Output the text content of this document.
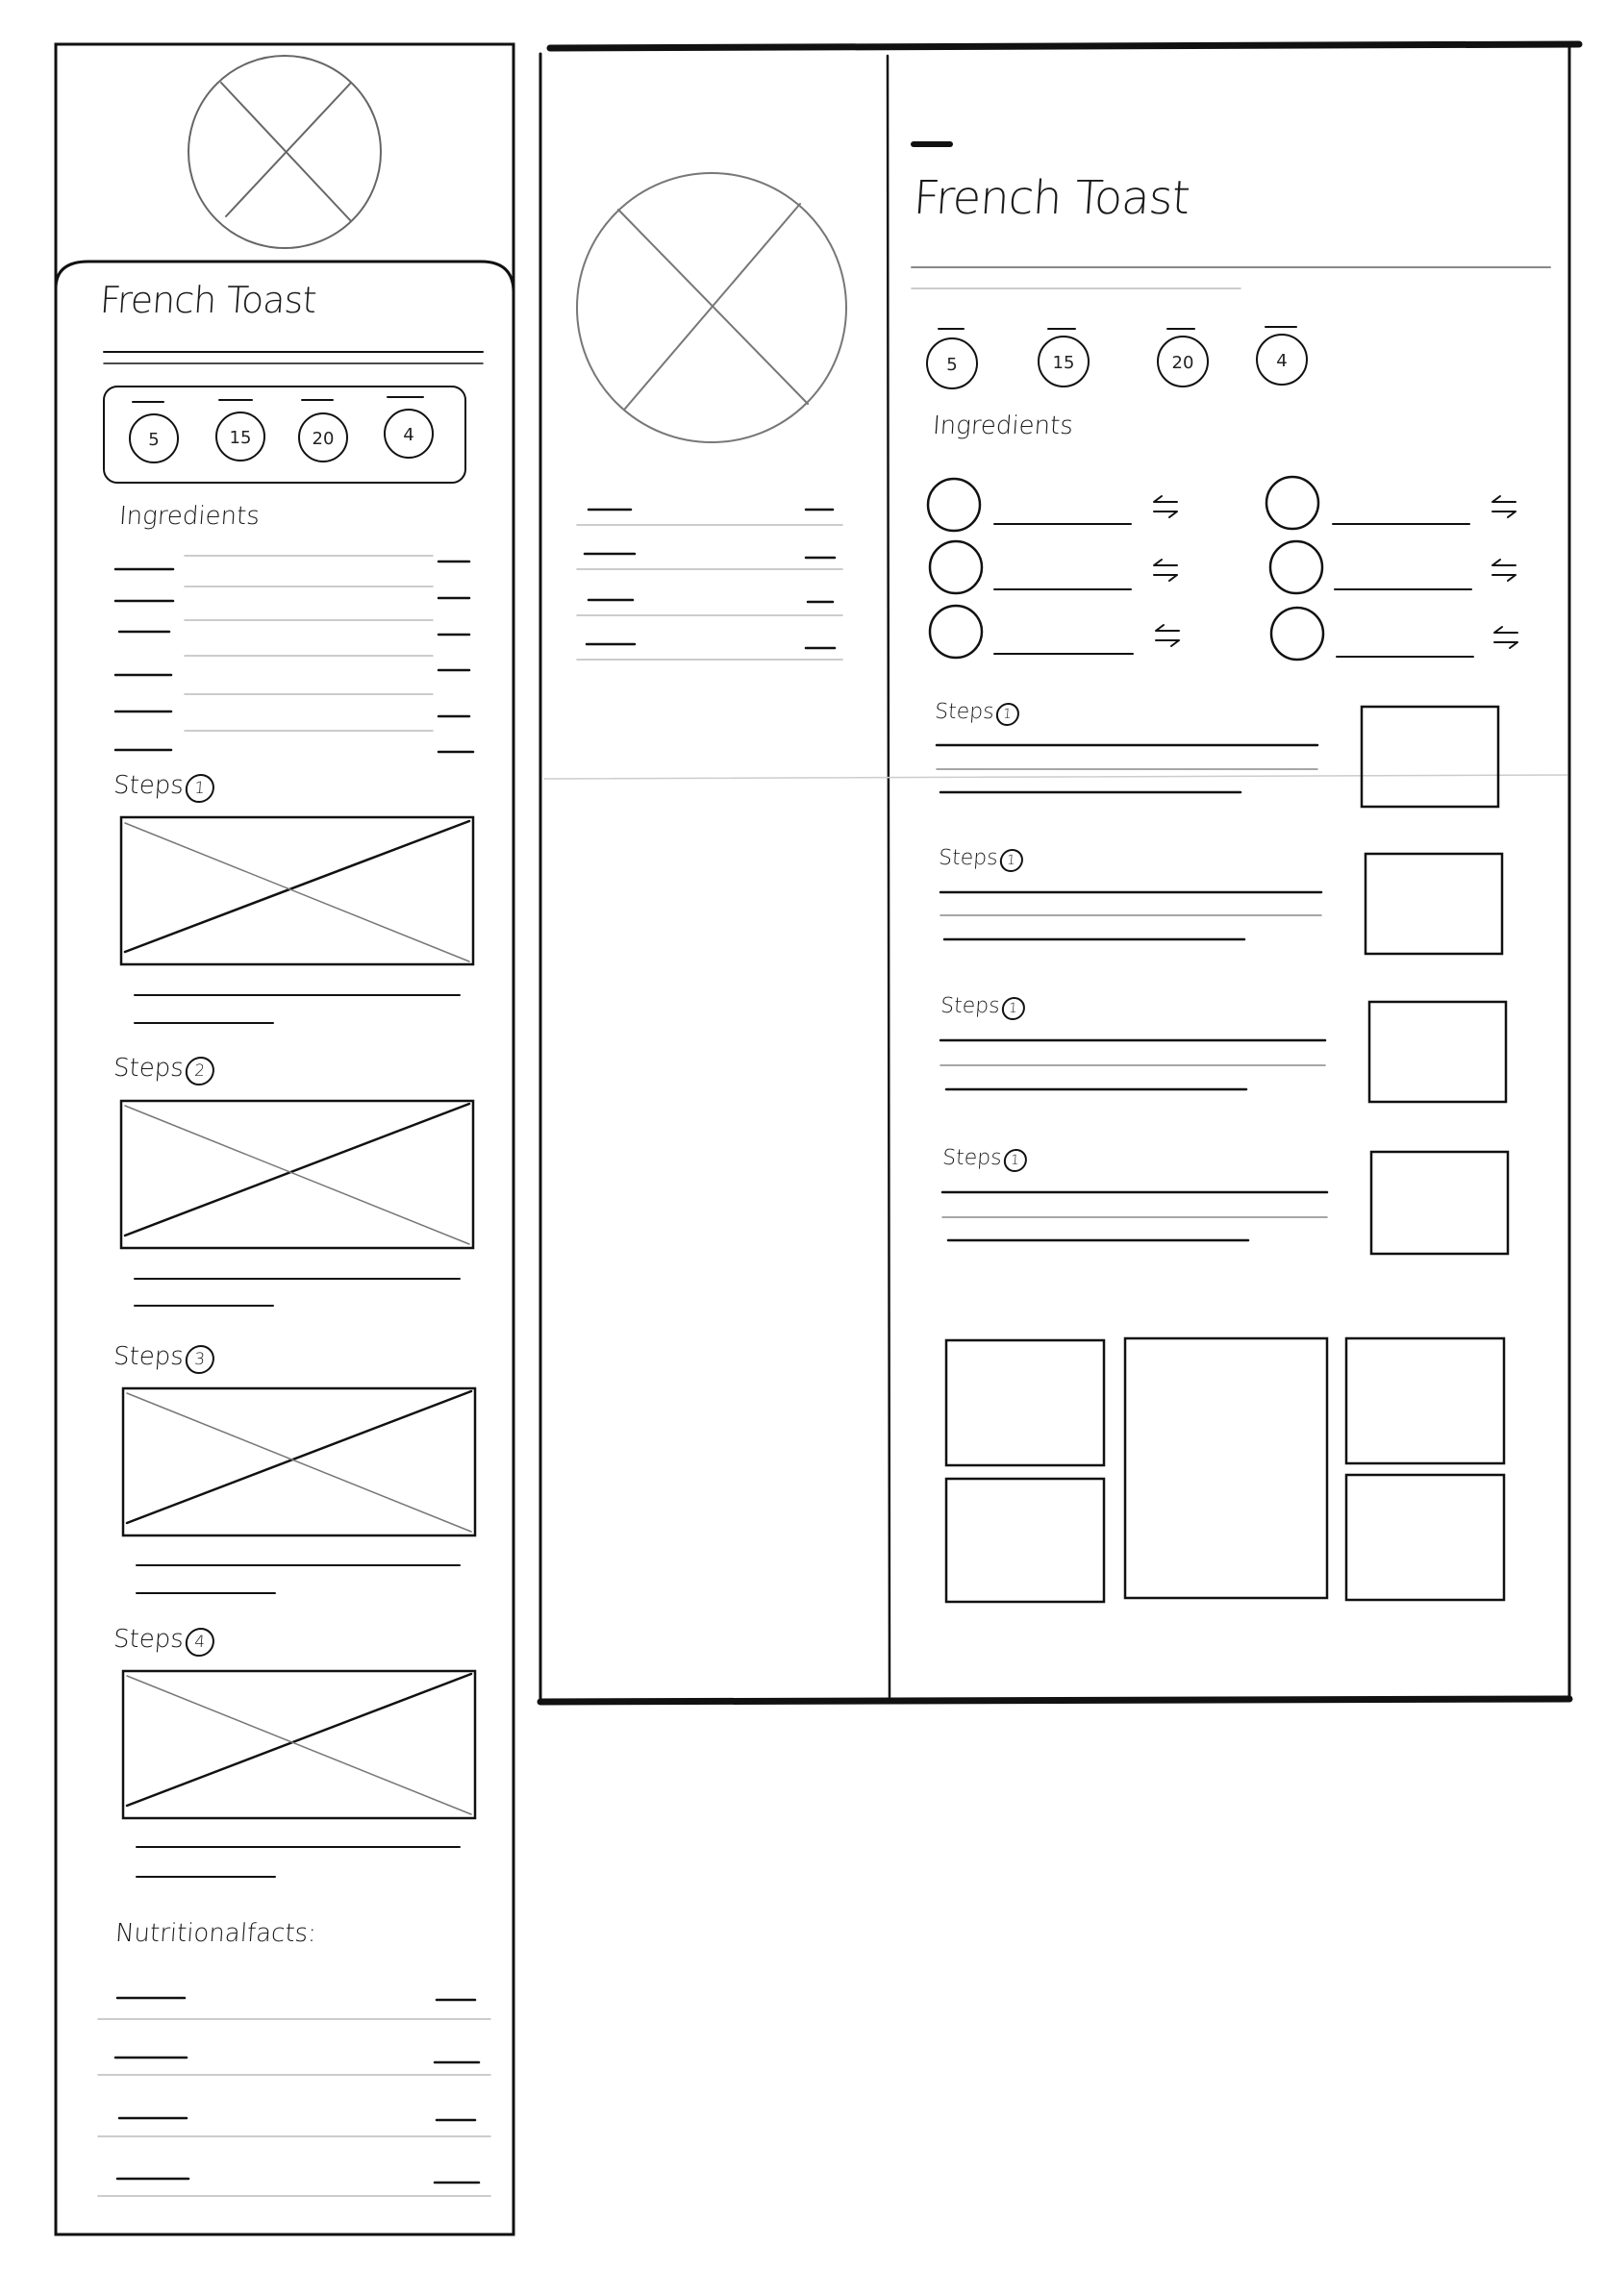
5	15	20	4
5	15	20	4
French Toast
Ingredients
Steps 1
Steps 2
Steps 3
Steps 4
Nutritionalfacts:
French Toast
Ingredients
Steps 1
Steps 1
Steps 1
Steps 1
